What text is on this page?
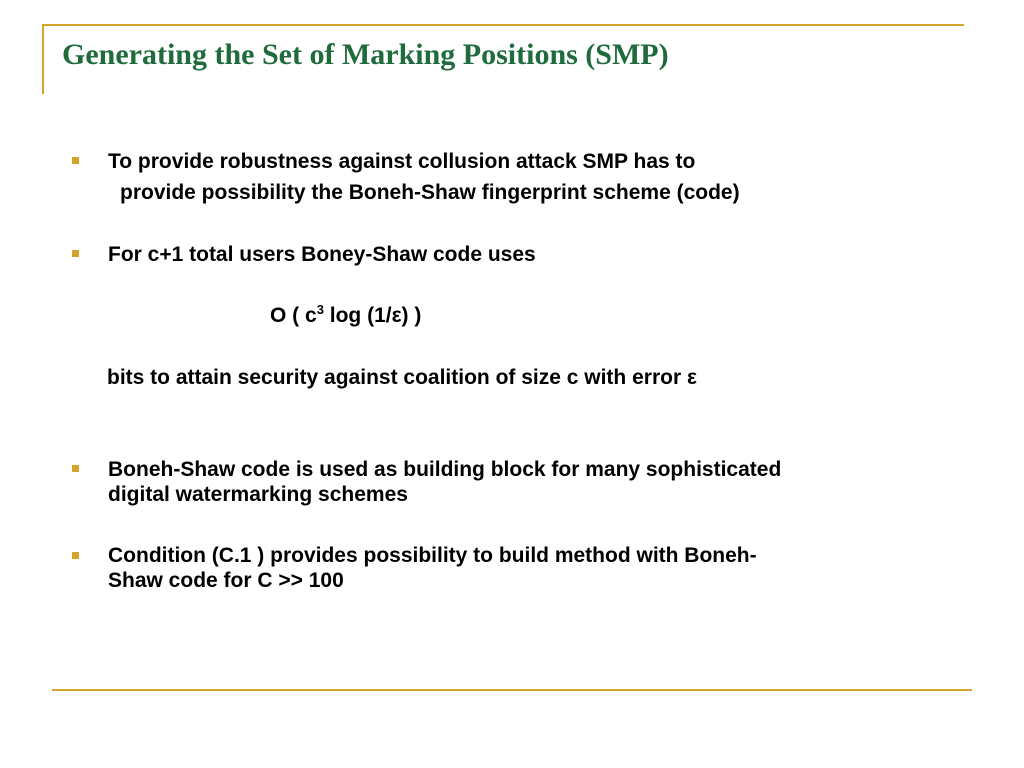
Generating the Set of Marking Positions (SMP)

To provide robustness against collusion attack SMP has to

provide possibility the Boneh-Shaw fingerprint scheme (code)

For c+1 total users Boney-Shaw code uses

O ( $c^3$ log (1/ε) )

bits to attain security against coalition of size c with error ε

Boneh-Shaw code is used as building block for many sophisticated

digital watermarking schemes

Condition (C.1 ) provides possibility to build method with Boneh-

Shaw code for C >> 100
